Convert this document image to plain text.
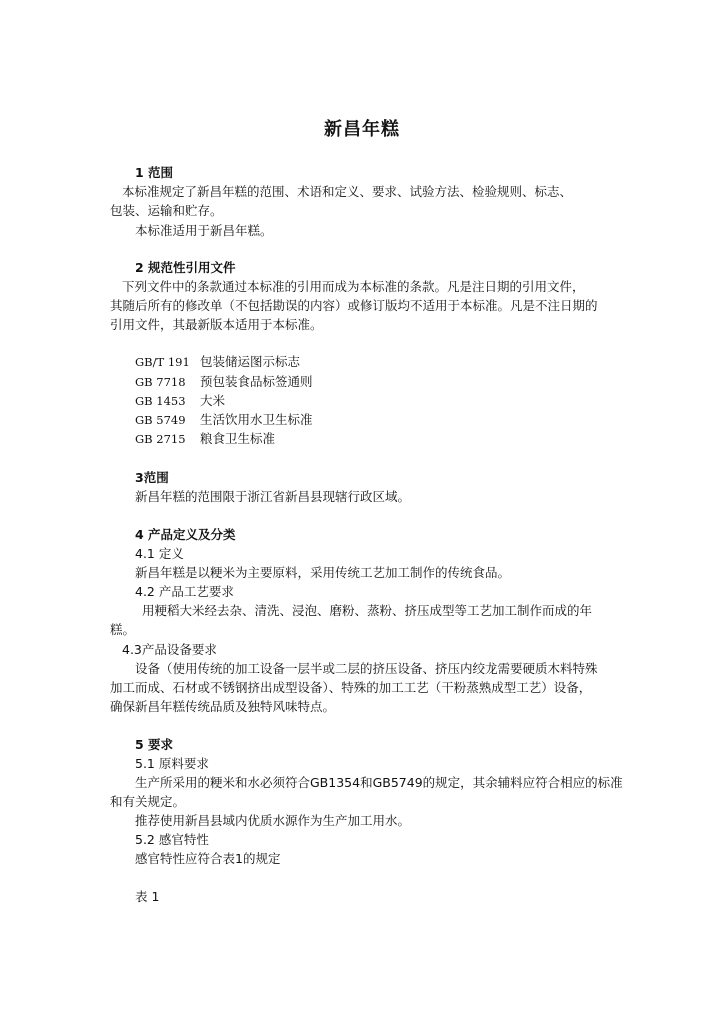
新昌年糕
1 范围
本标准规定了新昌年糕的范围、术语和定义、要求、试验方法、检验规则、标志、
包装、运输和贮存。
本标准适用于新昌年糕。
2 规范性引用文件
下列文件中的条款通过本标准的引用而成为本标准的条款。凡是注日期的引用文件，
其随后所有的修改单（不包括勘误的内容）或修订版均不适用于本标准。凡是不注日期的
引用文件，其最新版本适用于本标准。
GB/T 191 包装储运图示标志
GB 7718 预包装食品标签通则
GB 1453 大米
GB 5749 生活饮用水卫生标准
GB 2715 粮食卫生标准
3范围
新昌年糕的范围限于浙江省新昌县现辖行政区域。
4 产品定义及分类
4.1 定义
新昌年糕是以粳米为主要原料，采用传统工艺加工制作的传统食品。
4.2 产品工艺要求
用粳稻大米经去杂、清洗、浸泡、磨粉、蒸粉、挤压成型等工艺加工制作而成的年
糕。
4.3产品设备要求
设备（使用传统的加工设备一层半或二层的挤压设备、挤压内绞龙需要硬质木料特殊
加工而成、石材或不锈钢挤出成型设备）、特殊的加工工艺（干粉蒸熟成型工艺）设备，
确保新昌年糕传统品质及独特风味特点。
5 要求
5.1 原料要求
生产所采用的粳米和水必须符合GB1354和GB5749的规定，其余辅料应符合相应的标准
和有关规定。
推荐使用新昌县域内优质水源作为生产加工用水。
5.2 感官特性
感官特性应符合表1的规定
表 1
